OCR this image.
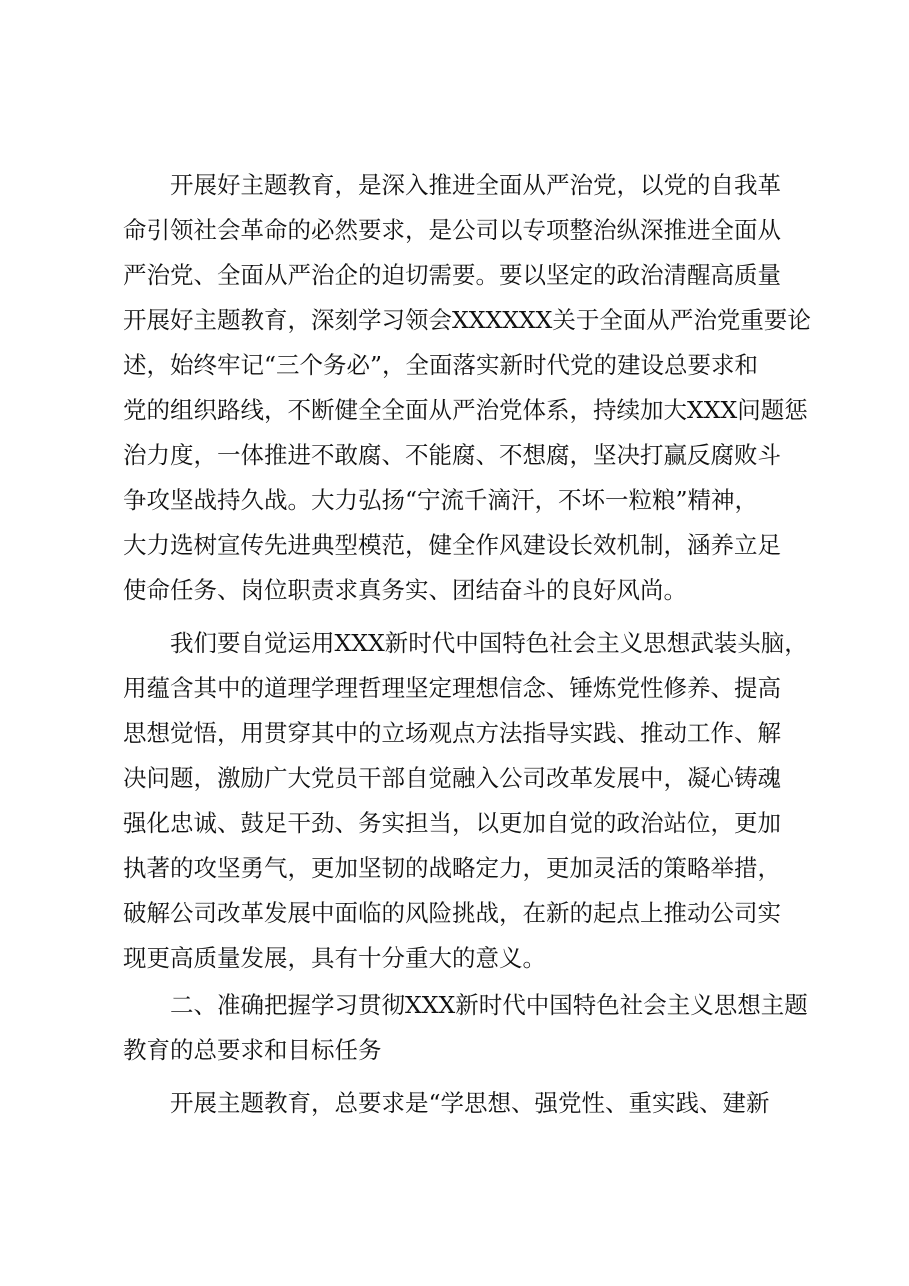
开展好主题教育，是深入推进全面从严治党，以党的自我革
命引领社会革命的必然要求，是公司以专项整治纵深推进全面从
严治党、全面从严治企的迫切需要。要以坚定的政治清醒高质量
开展好主题教育，深刻学习领会XXXXXX关于全面从严治党重要论
述，始终牢记“三个务必”，全面落实新时代党的建设总要求和
党的组织路线，不断健全全面从严治党体系，持续加大XXX问题惩
治力度，一体推进不敢腐、不能腐、不想腐，坚决打赢反腐败斗
争攻坚战持久战。大力弘扬“宁流千滴汗，不坏一粒粮”精神，
大力选树宣传先进典型模范，健全作风建设长效机制，涵养立足
使命任务、岗位职责求真务实、团结奋斗的良好风尚。
我们要自觉运用XXX新时代中国特色社会主义思想武装头脑，
用蕴含其中的道理学理哲理坚定理想信念、锤炼党性修养、提高
思想觉悟，用贯穿其中的立场观点方法指导实践、推动工作、解
决问题，激励广大党员干部自觉融入公司改革发展中，凝心铸魂
强化忠诚、鼓足干劲、务实担当，以更加自觉的政治站位，更加
执著的攻坚勇气，更加坚韧的战略定力，更加灵活的策略举措，
破解公司改革发展中面临的风险挑战，在新的起点上推动公司实
现更高质量发展，具有十分重大的意义。
二、准确把握学习贯彻XXX新时代中国特色社会主义思想主题
教育的总要求和目标任务
开展主题教育，总要求是“学思想、强党性、重实践、建新
